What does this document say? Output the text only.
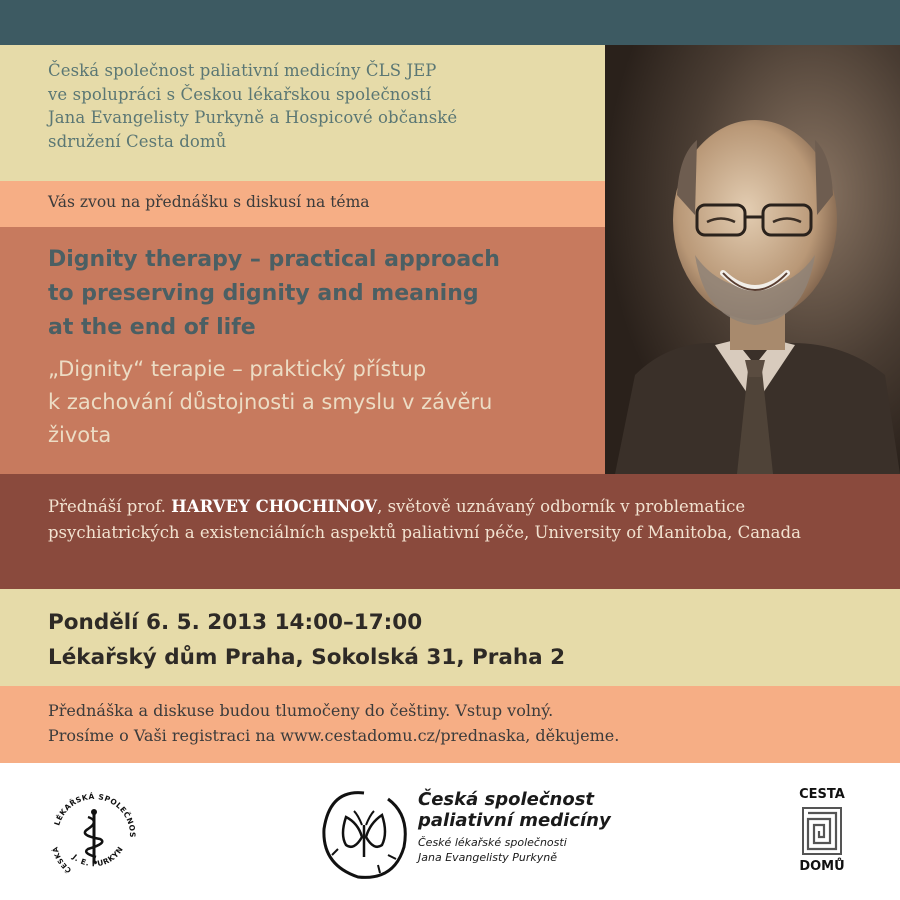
Česká společnost paliativní medicíny ČLS JEP
ve spolupráci s Českou lékařskou společností
Jana Evangelisty Purkyně a Hospicové občanské
sdružení Cesta domů
Vás zvou na přednášku s diskusí na téma
Dignity therapy – practical approach
to preserving dignity and meaning
at the end of life
„Dignity“ terapie – praktický přístup
k zachování důstojnosti a smyslu v závěru
života
Přednáší prof. HARVEY CHOCHINOV, světově uznávaný odborník v problematice psychiatrických a existenciálních aspektů paliativní péče, University of Manitoba, Canada
Pondělí 6. 5. 2013 14:00–17:00
Lékařský dům Praha, Sokolská 31, Praha 2
Přednáška a diskuse budou tlumočeny do češtiny. Vstup volný.
Prosíme o Vaši registraci na www.cestadomu.cz/prednaska, děkujeme.
LÉKAŘSKÁ SPOLEČNOS
ČESKÁ
J. E. PURKYN
Česká společnost
paliativní medicíny
České lékařské společnosti
Jana Evangelisty Purkyně
CESTA
DOMŮ
